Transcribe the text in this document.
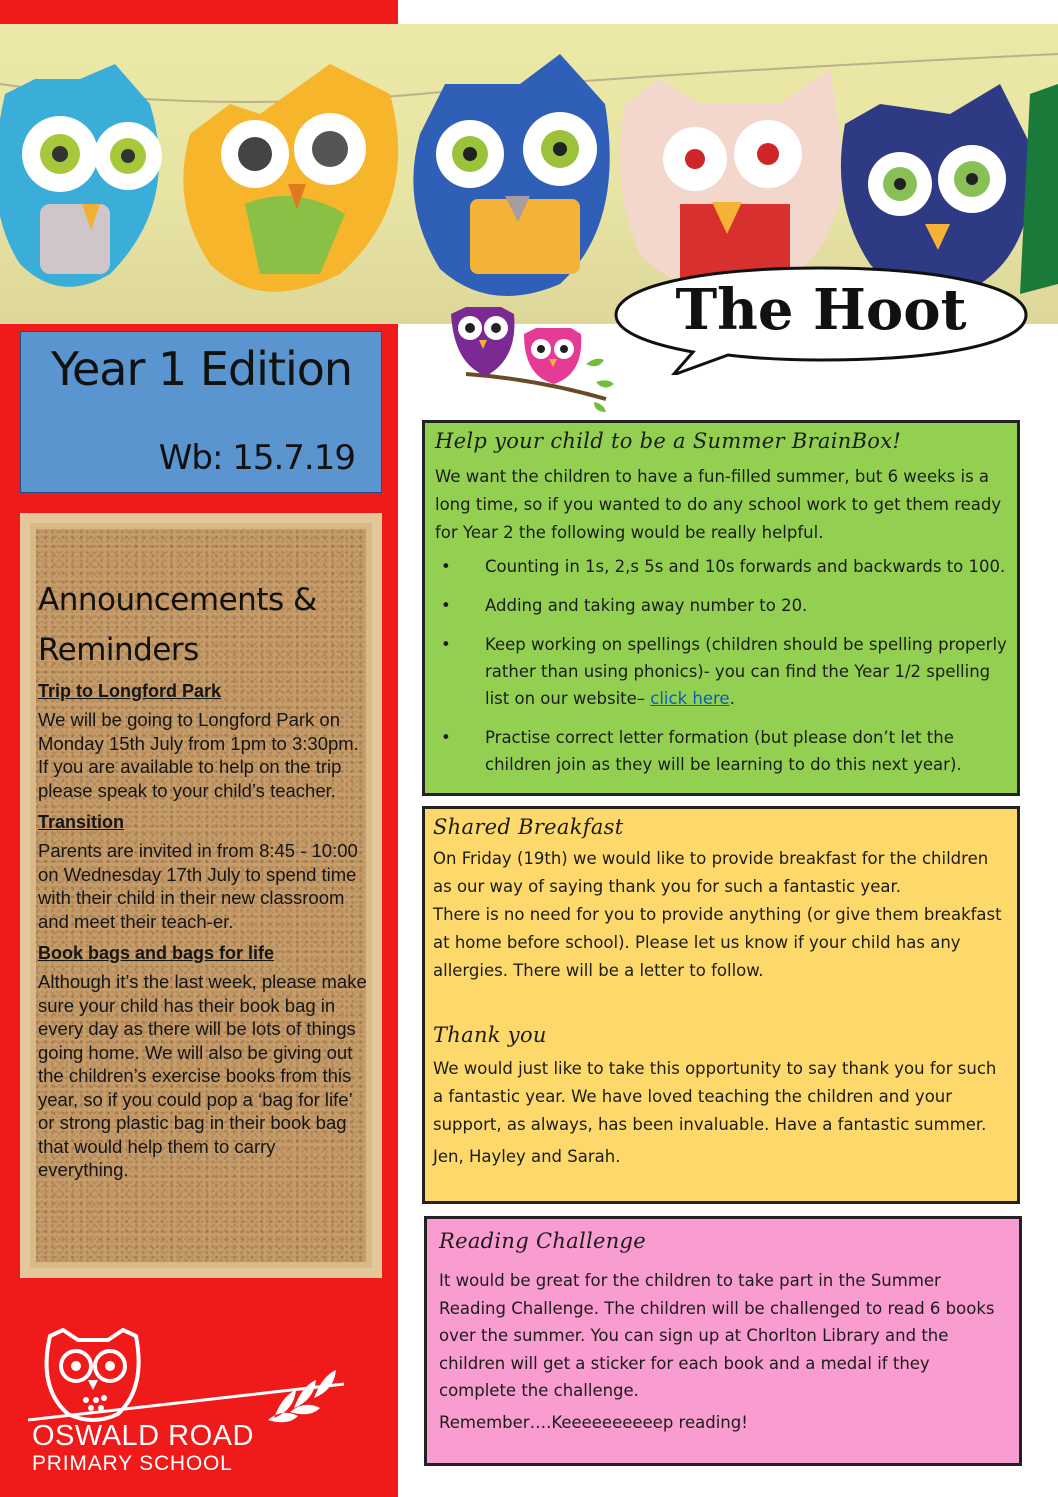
The Hoot
Year 1 Edition
Wb: 15.7.19
Announcements & Reminders
Trip to Longford Park

We will be going to Longford Park on Monday 15th July from 1pm to 3:30pm. If you are available to help on the trip please speak to your child’s teacher.

Transition

Parents are invited in from 8:45 - 10:00 on Wednesday 17th July to spend time with their child in their new classroom and meet their teach-er.

Book bags and bags for life

Although it’s the last week, please make sure your child has their book bag in every day as there will be lots of things going home. We will also be giving out the children’s exercise books from this year, so if you could pop a ‘bag for life’ or strong plastic bag in their book bag that would help them to carry everything.

OSWALD ROAD
PRIMARY SCHOOL
Help your child to be a Summer BrainBox!

We want the children to have a fun-filled summer, but 6 weeks is a long time, so if you wanted to do any school work to get them ready for Year 2 the following would be really helpful.

• Counting in 1s, 2,s 5s and 10s forwards and backwards to 100.
• Adding and taking away number to 20.
• Keep working on spellings (children should be spelling properly rather than using phonics)- you can find the Year 1/2 spelling list on our website– click here.
• Practise correct letter formation (but please don’t let the children join as they will be learning to do this next year).
Shared Breakfast

On Friday (19th) we would like to provide breakfast for the children as our way of saying thank you for such a fantastic year.

There is no need for you to provide anything (or give them breakfast at home before school). Please let us know if your child has any allergies. There will be a letter to follow.

Thank you

We would just like to take this opportunity to say thank you for such a fantastic year. We have loved teaching the children and your support, as always, has been invaluable. Have a fantastic summer.

Jen, Hayley and Sarah.

Reading Challenge

It would be great for the children to take part in the Summer Reading Challenge. The children will be challenged to read 6 books over the summer. You can sign up at Chorlton Library and the children will get a sticker for each book and a medal if they complete the challenge.

Remember….Keeeeeeeeeep reading!
